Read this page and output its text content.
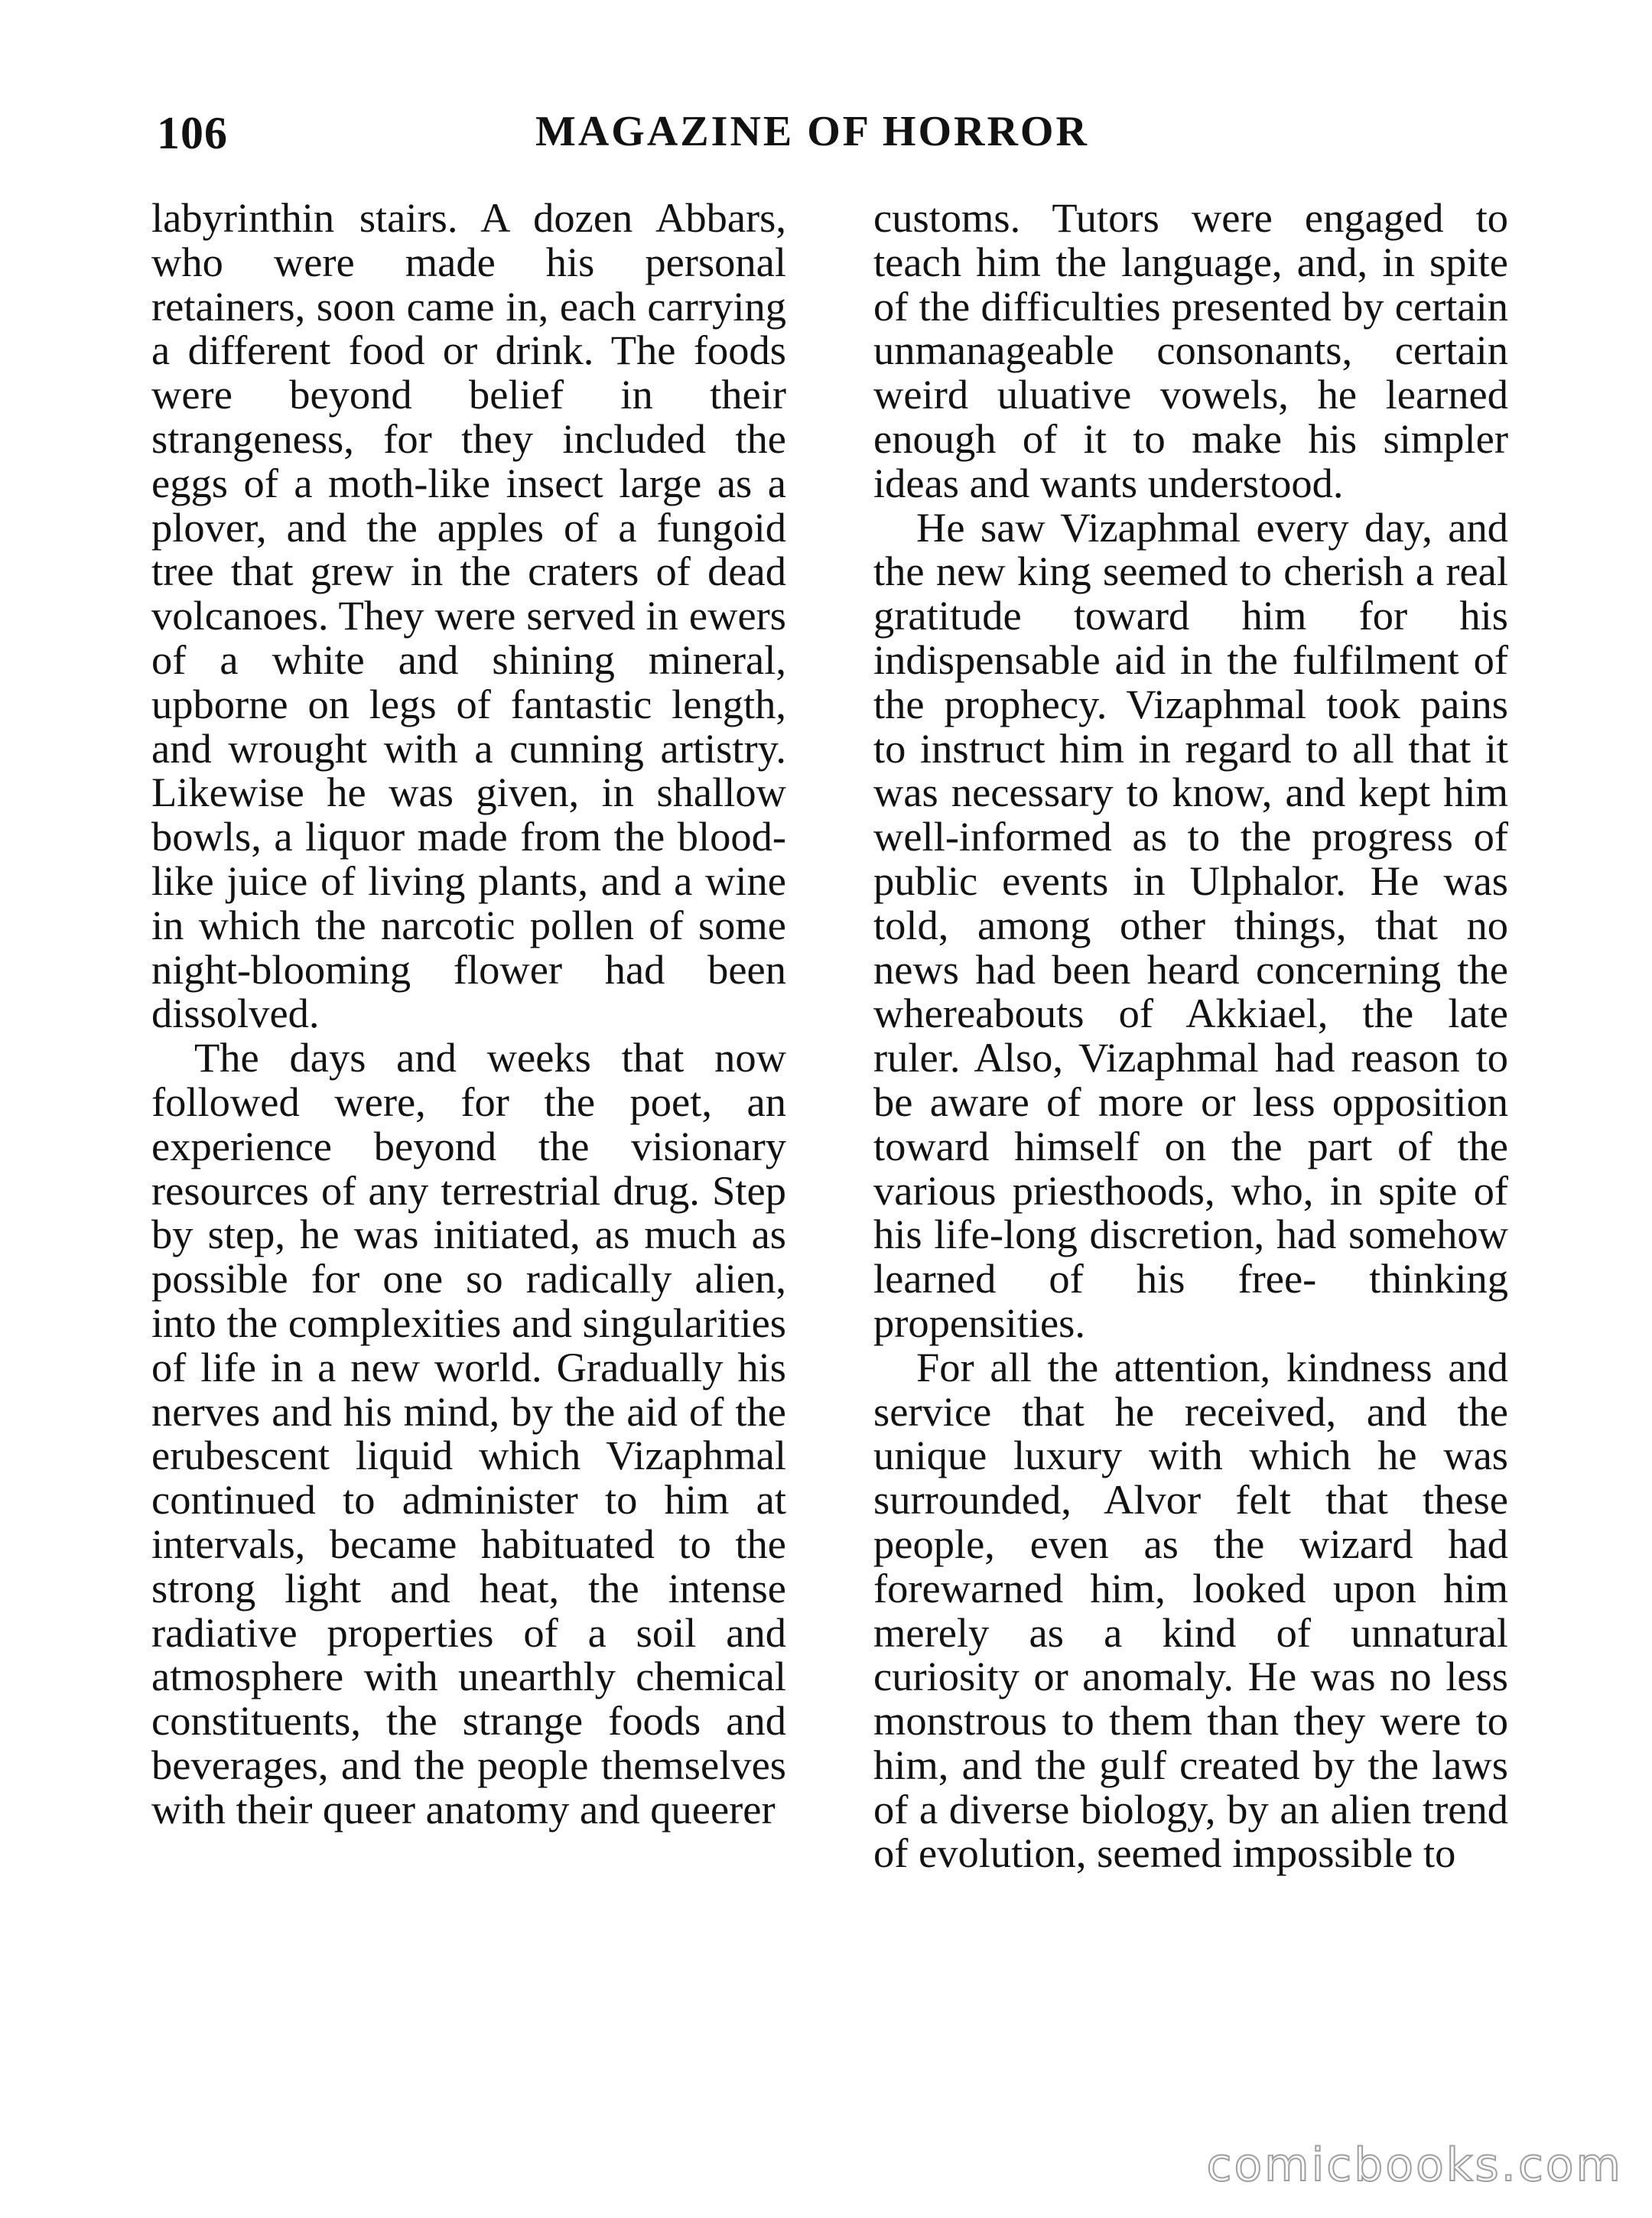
106	MAGAZINE OF HORROR

labyrinthin stairs. A dozen Abbars, who were made his personal retainers, soon came in, each carrying a different food or drink. The foods were beyond belief in their strangeness, for they included the eggs of a moth-like insect large as a plover, and the apples of a fungoid tree that grew in the craters of dead volcanoes. They were served in ewers of a white and shining mineral, upborne on legs of fantastic length, and wrought with a cunning artistry. Likewise he was given, in shallow bowls, a liquor made from the blood-like juice of living plants, and a wine in which the narcotic pollen of some night-blooming flower had been dissolved.

The days and weeks that now followed were, for the poet, an experience beyond the visionary resources of any terrestrial drug. Step by step, he was initiated, as much as possible for one so radically alien, into the complexities and singularities of life in a new world. Gradually his nerves and his mind, by the aid of the erubescent liquid which Vizaphmal continued to administer to him at intervals, became habituated to the strong light and heat, the intense radiative properties of a soil and atmosphere with unearthly chemical constituents, the strange foods and beverages, and the people themselves with their queer anatomy and queerer

customs. Tutors were engaged to teach him the language, and, in spite of the difficulties presented by certain unmanageable consonants, certain weird uluative vowels, he learned enough of it to make his simpler ideas and wants understood.

He saw Vizaphmal every day, and the new king seemed to cherish a real gratitude toward him for his indispensable aid in the fulfilment of the prophecy. Vizaphmal took pains to instruct him in regard to all that it was necessary to know, and kept him well-informed as to the progress of public events in Ulphalor. He was told, among other things, that no news had been heard concerning the whereabouts of Akkiael, the late ruler. Also, Vizaphmal had reason to be aware of more or less opposition toward himself on the part of the various priesthoods, who, in spite of his life-long discretion, had somehow learned of his free- thinking propensities.

For all the attention, kindness and service that he received, and the unique luxury with which he was surrounded, Alvor felt that these people, even as the wizard had forewarned him, looked upon him merely as a kind of unnatural curiosity or anomaly. He was no less monstrous to them than they were to him, and the gulf created by the laws of a diverse biology, by an alien trend of evolution, seemed impossible to

comicbooks.com
